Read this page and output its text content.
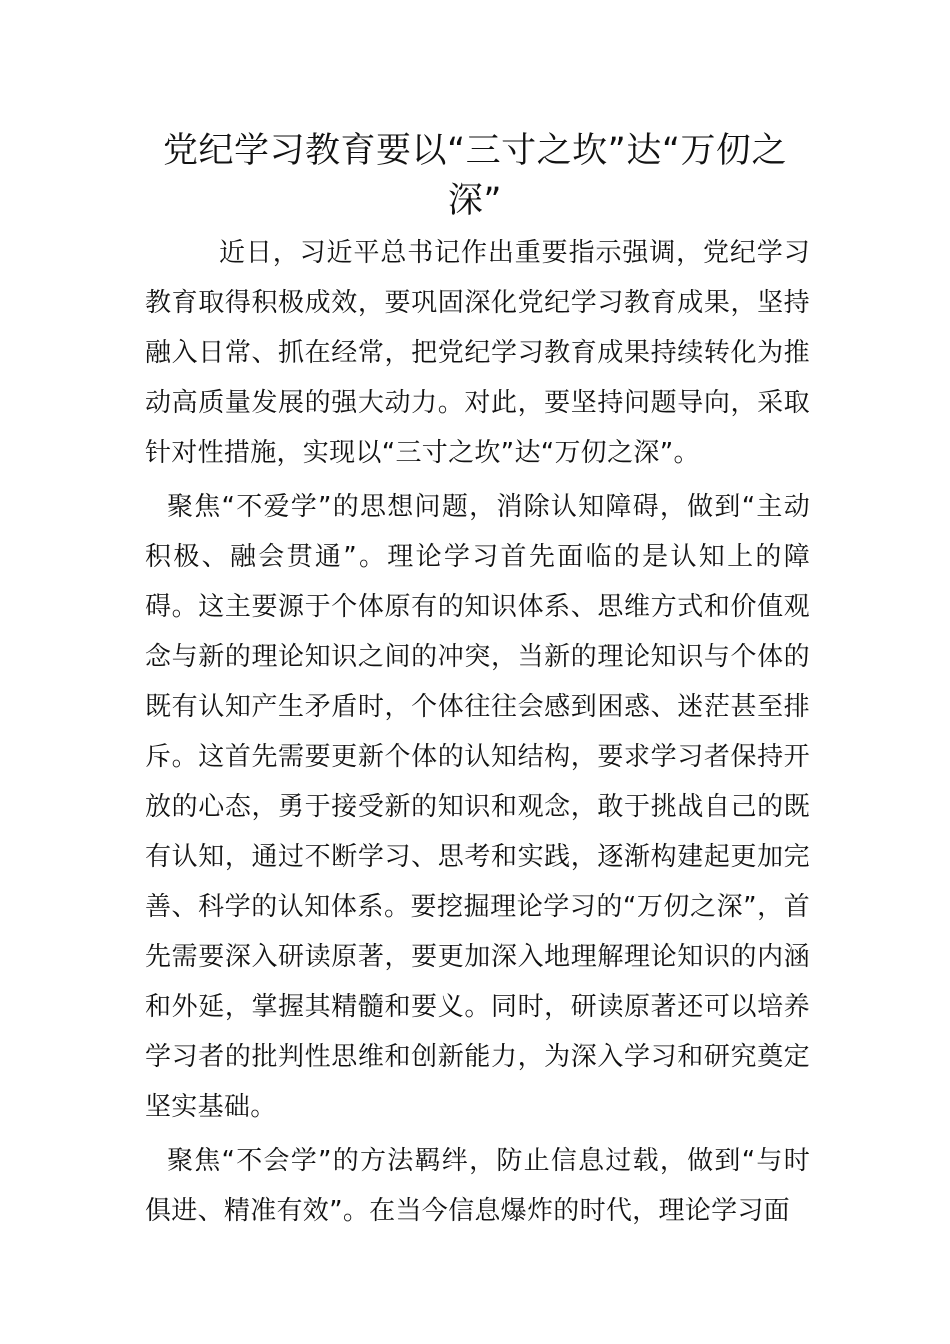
党纪学习教育要以“三寸之坎”达“万仞之深”

近日，习近平总书记作出重要指示强调，党纪学习教育取得积极成效，要巩固深化党纪学习教育成果，坚持融入日常、抓在经常，把党纪学习教育成果持续转化为推动高质量发展的强大动力。对此，要坚持问题导向，采取针对性措施，实现以“三寸之坎”达“万仞之深”。

聚焦“不爱学”的思想问题，消除认知障碍，做到“主动积极、融会贯通”。理论学习首先面临的是认知上的障碍。这主要源于个体原有的知识体系、思维方式和价值观念与新的理论知识之间的冲突，当新的理论知识与个体的既有认知产生矛盾时，个体往往会感到困惑、迷茫甚至排斥。这首先需要更新个体的认知结构，要求学习者保持开放的心态，勇于接受新的知识和观念，敢于挑战自己的既有认知，通过不断学习、思考和实践，逐渐构建起更加完善、科学的认知体系。要挖掘理论学习的“万仞之深”，首先需要深入研读原著，要更加深入地理解理论知识的内涵和外延，掌握其精髓和要义。同时，研读原著还可以培养学习者的批判性思维和创新能力，为深入学习和研究奠定坚实基础。

聚焦“不会学”的方法羁绊，防止信息过载，做到“与时俱进、精准有效”。在当今信息爆炸的时代，理论学习面
